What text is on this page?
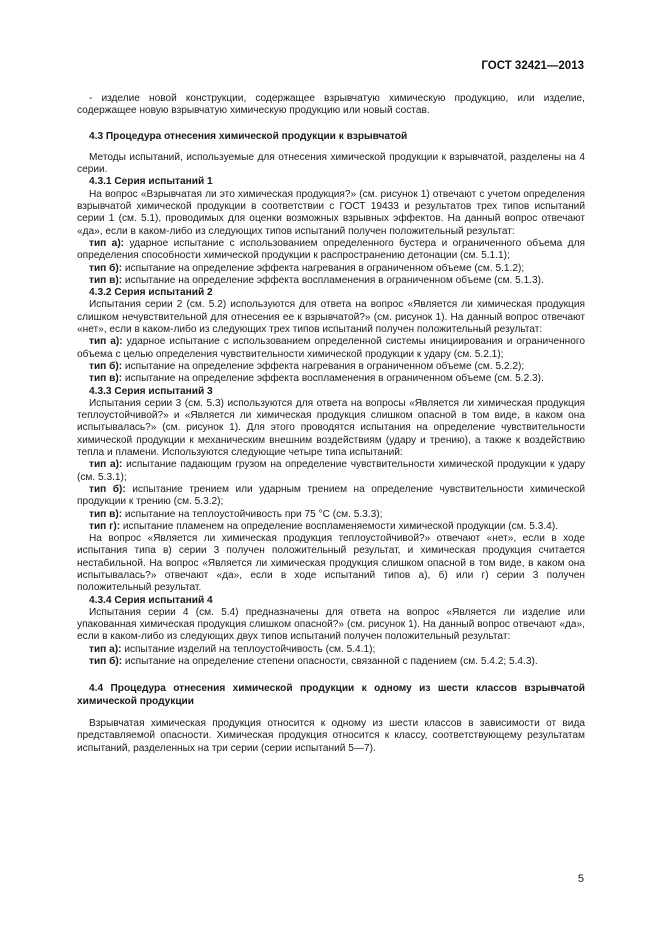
ГОСТ 32421—2013

- изделие новой конструкции, содержащее взрывчатую химическую продукцию, или изделие, содержащее новую взрывчатую химическую продукцию или новый состав.

4.3 Процедура отнесения химической продукции к взрывчатой

Методы испытаний, используемые для отнесения химической продукции к взрывчатой, разделены на 4 серии.

4.3.1 Серия испытаний 1

На вопрос «Взрывчатая ли это химическая продукция?» (см. рисунок 1) отвечают с учетом определения взрывчатой химической продукции в соответствии с ГОСТ 19433 и результатов трех типов испытаний серии 1 (см. 5.1), проводимых для оценки возможных взрывных эффектов. На данный вопрос отвечают «да», если в каком-либо из следующих типов испытаний получен положительный результат:

тип а): ударное испытание с использованием определенного бустера и ограниченного объема для определения способности химической продукции к распространению детонации (см. 5.1.1);

тип б): испытание на определение эффекта нагревания в ограниченном объеме (см. 5.1.2);

тип в): испытание на определение эффекта воспламенения в ограниченном объеме (см. 5.1.3).

4.3.2 Серия испытаний 2

Испытания серии 2 (см. 5.2) используются для ответа на вопрос «Является ли химическая продукция слишком нечувствительной для отнесения ее к взрывчатой?» (см. рисунок 1). На данный вопрос отвечают «нет», если в каком-либо из следующих трех типов испытаний получен положительный результат:

тип а): ударное испытание с использованием определенной системы инициирования и ограниченного объема с целью определения чувствительности химической продукции к удару (см. 5.2.1);

тип б): испытание на определение эффекта нагревания в ограниченном объеме (см. 5.2.2);

тип в): испытание на определение эффекта воспламенения в ограниченном объеме (см. 5.2.3).

4.3.3 Серия испытаний 3

Испытания серии 3 (см. 5.3) используются для ответа на вопросы «Является ли химическая продукция теплоустойчивой?» и «Является ли химическая продукция слишком опасной в том виде, в каком она испытывалась?» (см. рисунок 1). Для этого проводятся испытания на определение чувствительности химической продукции к механическим внешним воздействиям (удару и трению), а также к воздействию тепла и пламени. Используются следующие четыре типа испытаний:

тип а): испытание падающим грузом на определение чувствительности химической продукции к удару (см. 5.3.1);

тип б): испытание трением или ударным трением на определение чувствительности химической продукции к трению (см. 5.3.2);

тип в): испытание на теплоустойчивость при 75 °С (см. 5.3.3);

тип г): испытание пламенем на определение воспламеняемости химической продукции (см. 5.3.4).

На вопрос «Является ли химическая продукция теплоустойчивой?» отвечают «нет», если в ходе испытания типа в) серии 3 получен положительный результат, и химическая продукция считается нестабильной. На вопрос «Является ли химическая продукция слишком опасной в том виде, в каком она испытывалась?» отвечают «да», если в ходе испытаний типов а), б) или г) серии 3 получен положительный результат.

4.3.4 Серия испытаний 4

Испытания серии 4 (см. 5.4) предназначены для ответа на вопрос «Является ли изделие или упакованная химическая продукция слишком опасной?» (см. рисунок 1). На данный вопрос отвечают «да», если в каком-либо из следующих двух типов испытаний получен положительный результат:

тип а): испытание изделий на теплоустойчивость (см. 5.4.1);

тип б): испытание на определение степени опасности, связанной с падением (см. 5.4.2; 5.4.3).

4.4 Процедура отнесения химической продукции к одному из шести классов взрывчатой химической продукции

Взрывчатая химическая продукция относится к одному из шести классов в зависимости от вида представляемой опасности. Химическая продукция относится к классу, соответствующему результатам испытаний, разделенных на три серии (серии испытаний 5—7).

5
